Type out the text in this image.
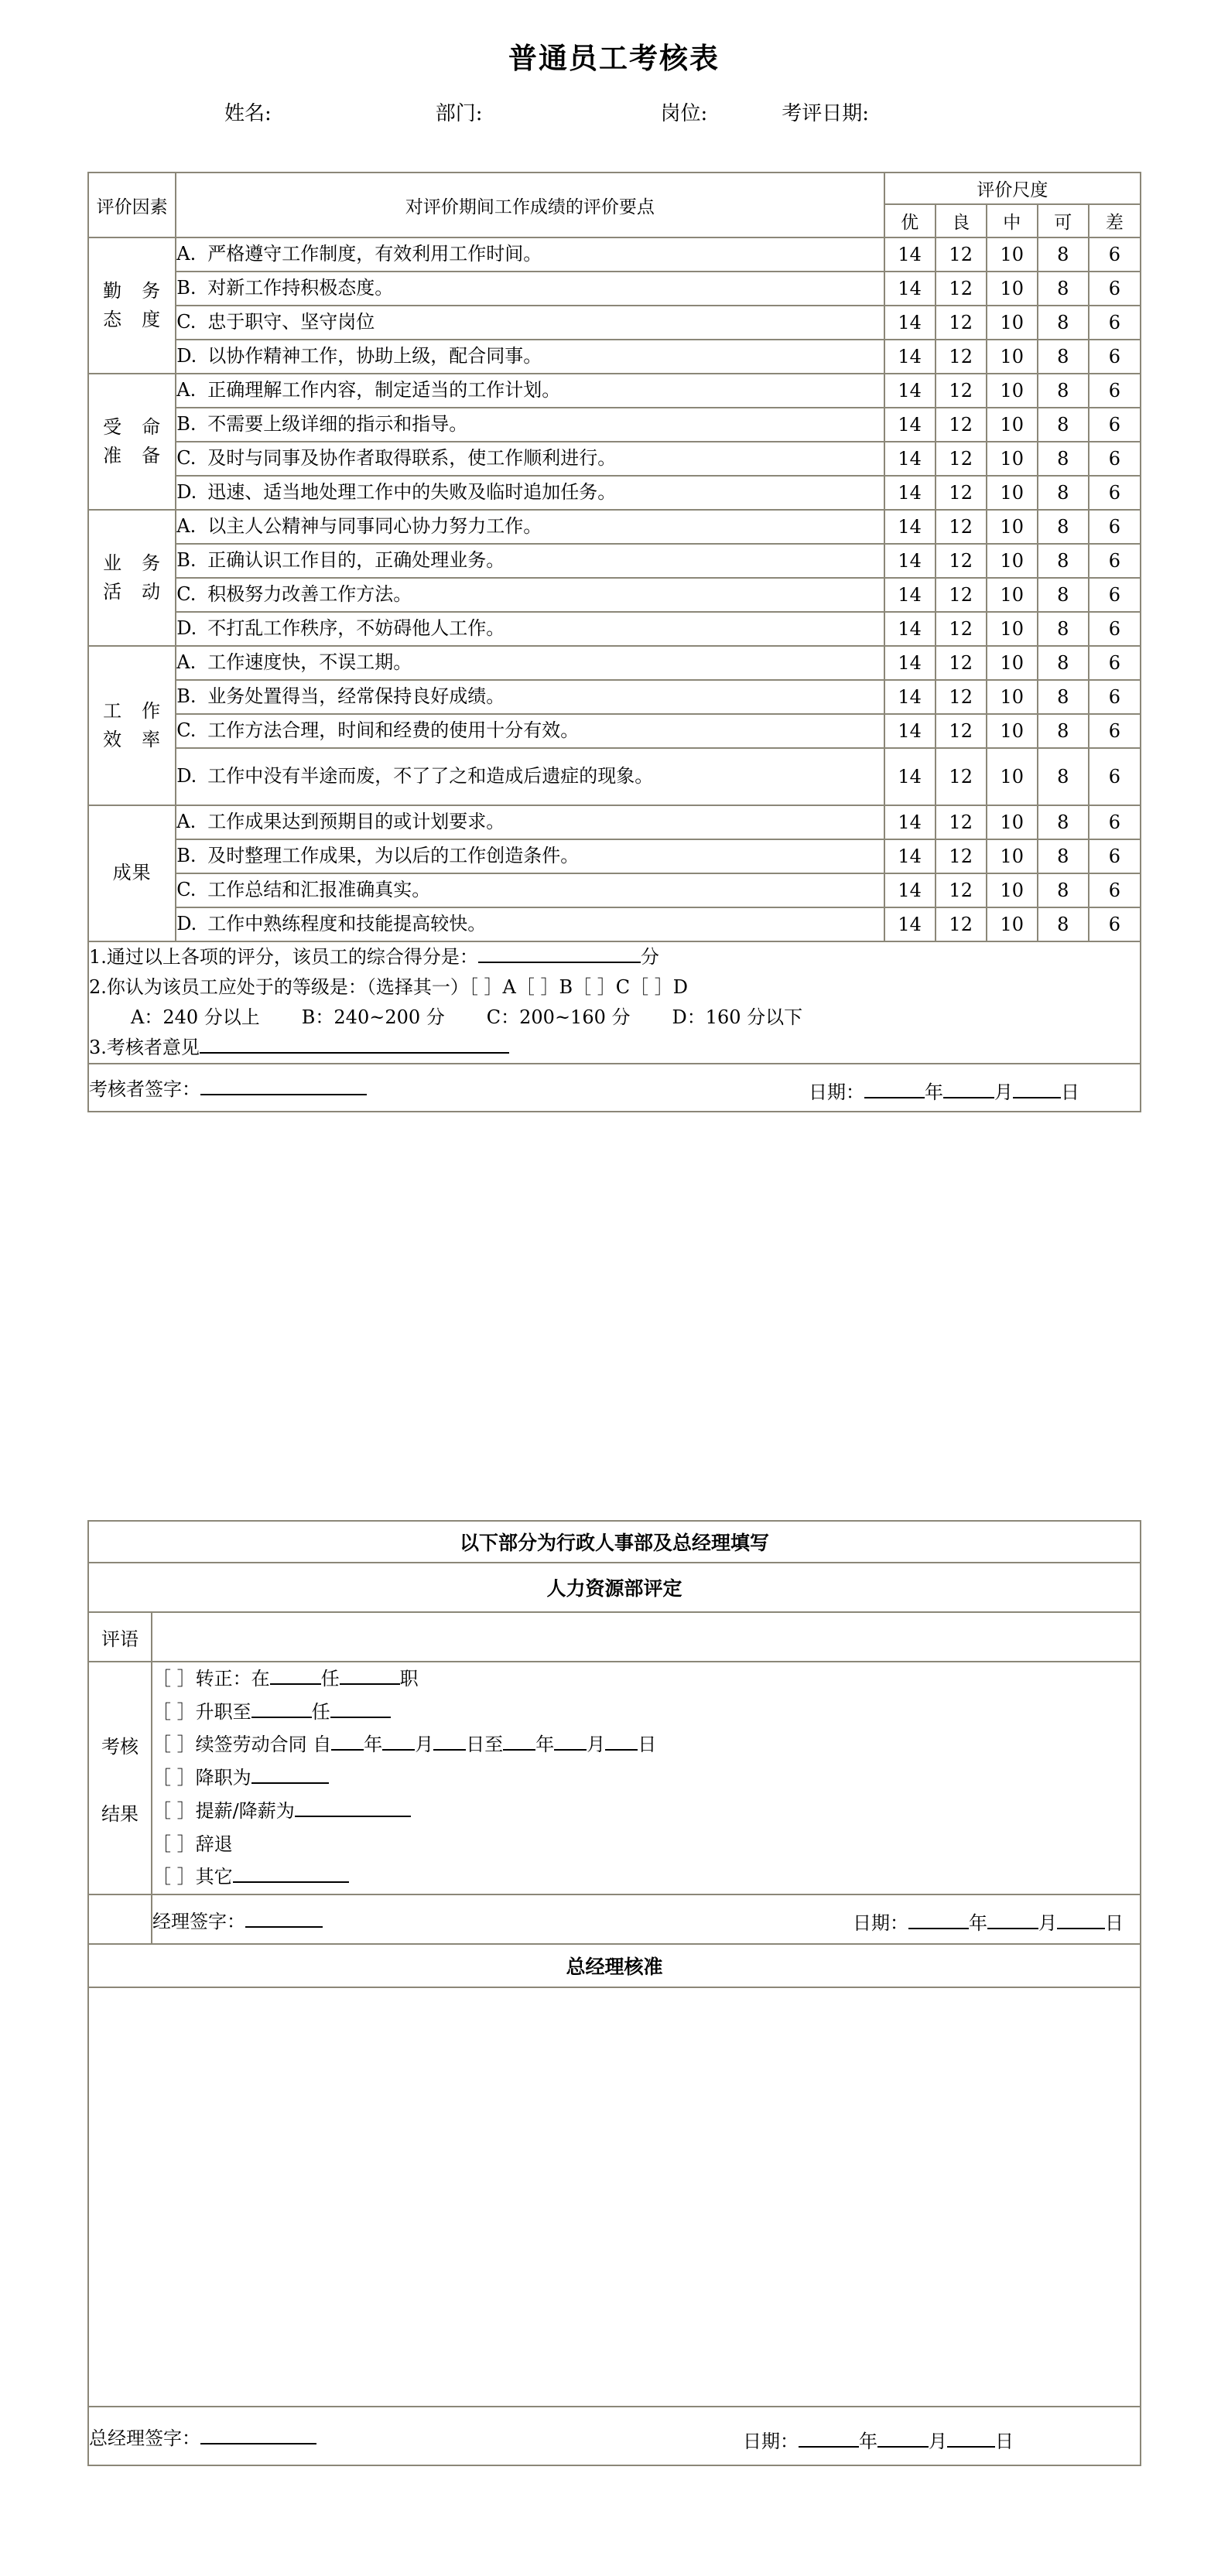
普通员工考核表
姓名:	部门:	岗位:	考评日期:
评价因素	对评价期间工作成绩的评价要点	评价尺度				
		优	良	中	可	差

勤　务
态　度	A. 严格遵守工作制度，有效利用工作时间。	14	12	10	8	6
	B. 对新工作持积极态度。	14	12	10	8	6
	C. 忠于职守、坚守岗位	14	12	10	8	6
	D. 以协作精神工作，协助上级，配合同事。	14	12	10	8	6

受　命
准　备	A. 正确理解工作内容，制定适当的工作计划。	14	12	10	8	6
	B. 不需要上级详细的指示和指导。	14	12	10	8	6
	C. 及时与同事及协作者取得联系，使工作顺利进行。	14	12	10	8	6
	D. 迅速、适当地处理工作中的失败及临时追加任务。	14	12	10	8	6

业　务
活　动	A. 以主人公精神与同事同心协力努力工作。	14	12	10	8	6
	B. 正确认识工作目的，正确处理业务。	14	12	10	8	6
	C. 积极努力改善工作方法。	14	12	10	8	6
	D. 不打乱工作秩序，不妨碍他人工作。	14	12	10	8	6

工　作
效　率	A. 工作速度快，不误工期。	14	12	10	8	6
	B. 业务处置得当，经常保持良好成绩。	14	12	10	8	6
	C. 工作方法合理，时间和经费的使用十分有效。	14	12	10	8	6
	D. 工作中没有半途而废，不了了之和造成后遗症的现象。	14	12	10	8	6

成果	A. 工作成果达到预期目的或计划要求。	14	12	10	8	6
	B. 及时整理工作成果，为以后的工作创造条件。	14	12	10	8	6
	C. 工作总结和汇报准确真实。	14	12	10	8	6
	D. 工作中熟练程度和技能提高较快。	14	12	10	8	6

1.通过以上各项的评分，该员工的综合得分是： 分
2.你认为该员工应处于的等级是：（选择其一）［ ］A［ ］B［ ］C［ ］D
A：240 分以上 B：240~200 分 C：200~160 分 D：160 分以下
3.考核者意见						

考核者签字： 日期： 年 月 日						
以下部分为行政人事部及总经理填写	
人力资源部评定	
评语	

考核
结果

［ ］转正：在	任	职
［ ］升职至	任
［ ］续签劳动合同 自 年 月 日至 年 月 日
［ ］降职为
［ ］提薪/降薪为
［ ］辞退
［ ］其它

	经理签字： 日期： 年 月 日

总经理核准	

总经理签字： 日期： 年 月 日	
